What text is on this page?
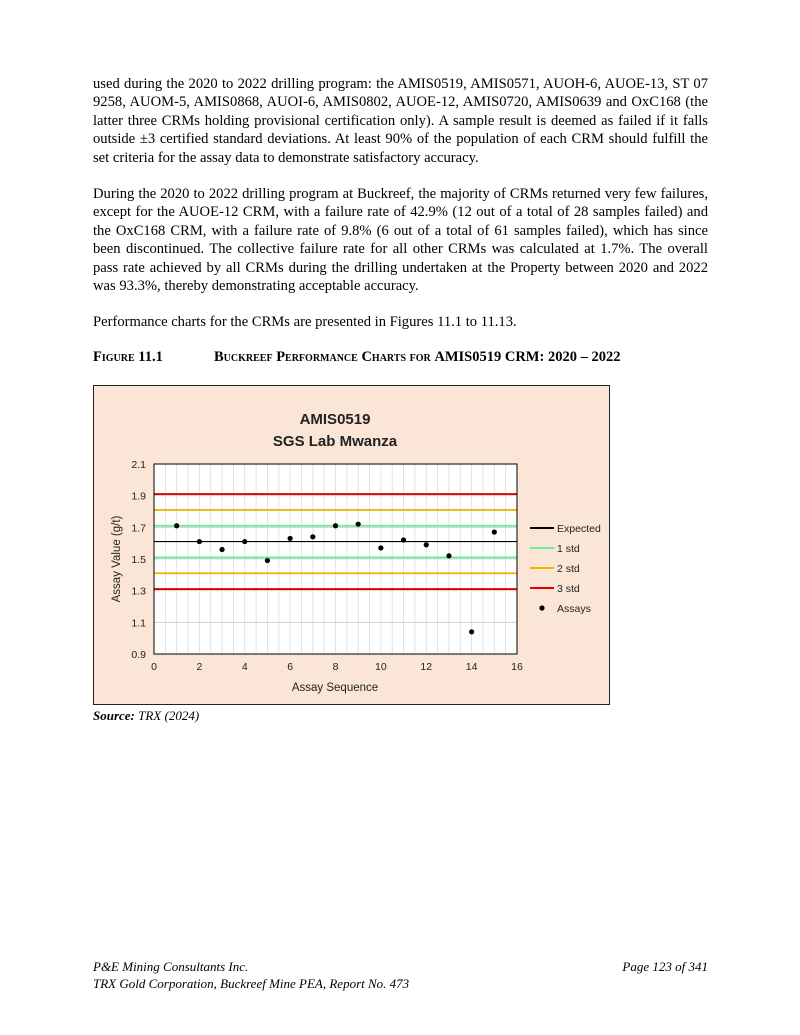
used during the 2020 to 2022 drilling program: the AMIS0519, AMIS0571, AUOH-6, AUOE-13, ST 07 9258, AUOM-5, AMIS0868, AUOI-6, AMIS0802, AUOE-12, AMIS0720, AMIS0639 and OxC168 (the latter three CRMs holding provisional certification only). A sample result is deemed as failed if it falls outside ±3 certified standard deviations. At least 90% of the population of each CRM should fulfill the set criteria for the assay data to demonstrate satisfactory accuracy.

During the 2020 to 2022 drilling program at Buckreef, the majority of CRMs returned very few failures, except for the AUOE-12 CRM, with a failure rate of 42.9% (12 out of a total of 28 samples failed) and the OxC168 CRM, with a failure rate of 9.8% (6 out of a total of 61 samples failed), which has since been discontinued. The collective failure rate for all other CRMs was calculated at 1.7%. The overall pass rate achieved by all CRMs during the drilling undertaken at the Property between 2020 and 2022 was 93.3%, thereby demonstrating acceptable accuracy.

Performance charts for the CRMs are presented in Figures 11.1 to 11.13.

Figure 11.1	Buckreef Performance Charts for AMIS0519 CRM: 2020 – 2022
0.9
1.1
1.3
1.5
1.7
1.9
2.1
0	2	4	6	8	10	12	14	16
AMIS0519
SGS Lab Mwanza
Assay Sequence
Assay Value (g/t)	Expected
1 std
2 std
3 std
Assays
Source: TRX (2024)
P&E Mining Consultants Inc.
TRX Gold Corporation, Buckreef Mine PEA, Report No. 473
Page 123 of 341
